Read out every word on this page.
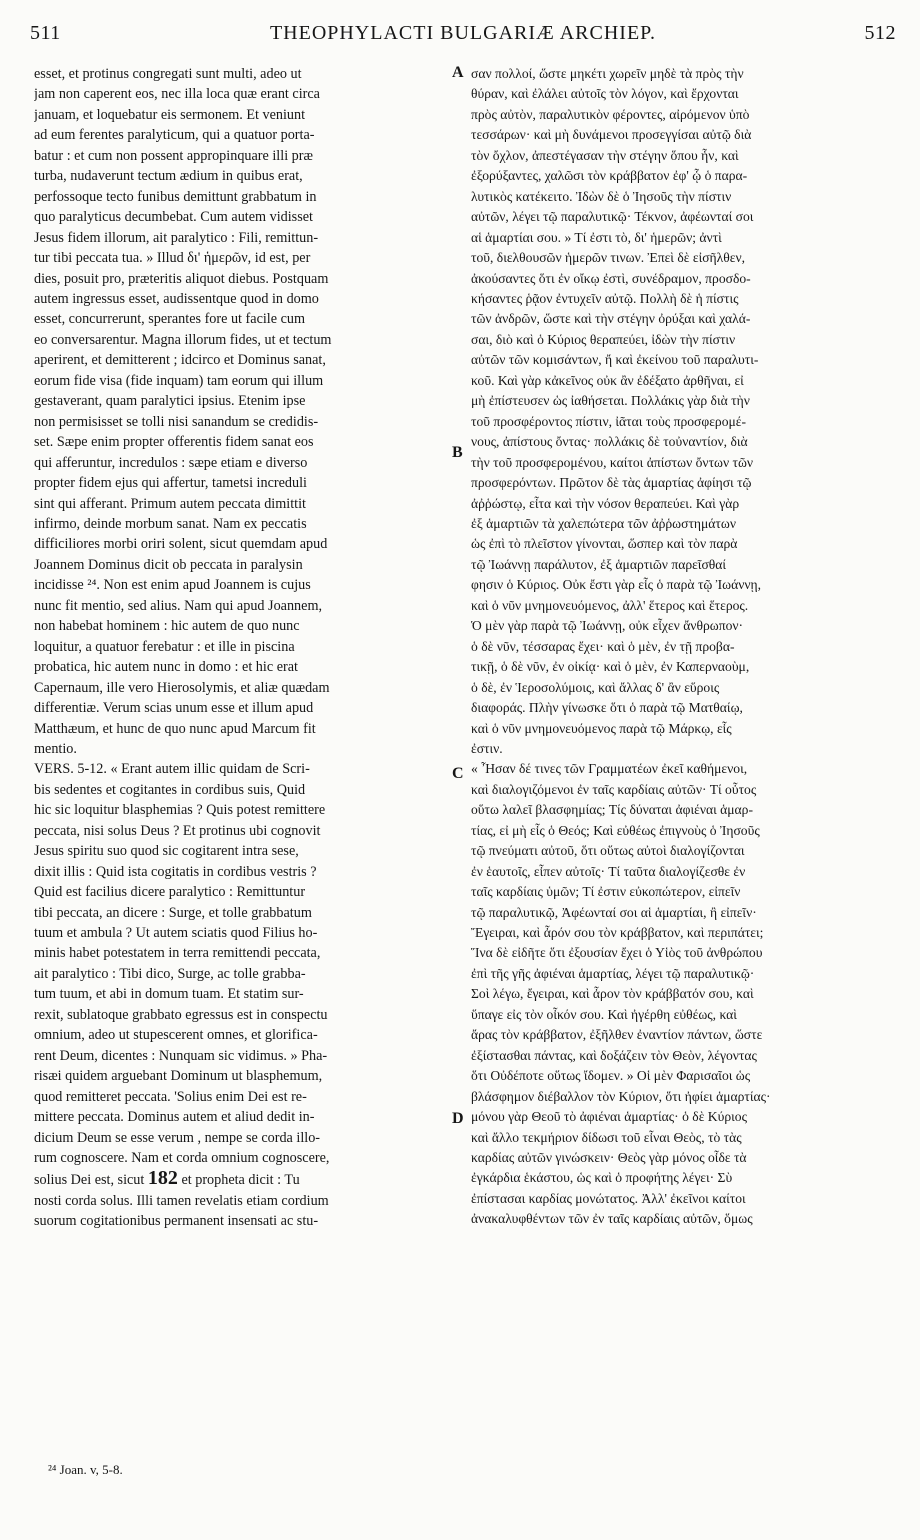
511	THEOPHYLACTI BULGARIÆ ARCHIEP.	512
esset, et protinus congregati sunt multi, adeo ut
jam non caperent eos, nec illa loca quæ erant circa
januam, et loquebatur eis sermonem. Et veniunt
ad eum ferentes paralyticum, qui a quatuor porta-
batur : et cum non possent appropinquare illi præ
turba, nudaverunt tectum ædium in quibus erat,
perfossoque tecto funibus demittunt grabbatum in
quo paralyticus decumbebat. Cum autem vidisset
Jesus fidem illorum, ait paralytico : Fili, remittun-
tur tibi peccata tua. » Illud δι' ἡμερῶν, id est, per
dies, posuit pro, præteritis aliquot diebus. Postquam
autem ingressus esset, audissentque quod in domo
esset, concurrerunt, sperantes fore ut facile cum
eo conversarentur. Magna illorum fides, ut et tectum
aperirent, et demitterent ; idcirco et Dominus sanat,
eorum fide visa (fide inquam) tam eorum qui illum
gestaverant, quam paralytici ipsius. Etenim ipse
non permisisset se tolli nisi sanandum se credidis-
set. Sæpe enim propter offerentis fidem sanat eos
qui afferuntur, incredulos : sæpe etiam e diverso
propter fidem ejus qui affertur, tametsi increduli
sint qui afferant. Primum autem peccata dimittit
infirmo, deinde morbum sanat. Nam ex peccatis
difficiliores morbi oriri solent, sicut quemdam apud
Joannem Dominus dicit ob peccata in paralysin
incidisse ²⁴. Non est enim apud Joannem is cujus
nunc fit mentio, sed alius. Nam qui apud Joannem,
non habebat hominem : hic autem de quo nunc
loquitur, a quatuor ferebatur : et ille in piscina
probatica, hic autem nunc in domo : et hic erat
Capernaum, ille vero Hierosolymis, et aliæ quædam
differentiæ. Verum scias unum esse et illum apud
Matthæum, et hunc de quo nunc apud Marcum fit
mentio.
VERS. 5-12. « Erant autem illic quidam de Scri-
bis sedentes et cogitantes in cordibus suis, Quid
hic sic loquitur blasphemias ? Quis potest remittere
peccata, nisi solus Deus ? Et protinus ubi cognovit
Jesus spiritu suo quod sic cogitarent intra sese,
dixit illis : Quid ista cogitatis in cordibus vestris ?
Quid est facilius dicere paralytico : Remittuntur
tibi peccata, an dicere : Surge, et tolle grabbatum
tuum et ambula ? Ut autem sciatis quod Filius ho-
minis habet potestatem in terra remittendi peccata,
ait paralytico : Tibi dico, Surge, ac tolle grabba-
tum tuum, et abi in domum tuam. Et statim sur-
rexit, sublatoque grabbato egressus est in conspectu
omnium, adeo ut stupescerent omnes, et glorifica-
rent Deum, dicentes : Nunquam sic vidimus. » Pha-
risæi quidem arguebant Dominum ut blasphemum,
quod remitteret peccata. 'Solius enim Dei est re-
mittere peccata. Dominus autem et aliud dedit in-
dicium Deum se esse verum , nempe se corda illo-
rum cognoscere. Nam et corda omnium cognoscere,
solius Dei est, sicut 182 et propheta dicit : Tu
nosti corda solus. Illi tamen revelatis etiam cordium
suorum cogitationibus permanent insensati ac stu-
σαν πολλοί, ὥστε μηκέτι χωρεῖν μηδὲ τὰ πρὸς τὴν
θύραν, καὶ ἐλάλει αὐτοῖς τὸν λόγον, καὶ ἔρχονται
πρὸς αὐτὸν, παραλυτικὸν φέροντες, αἰρόμενον ὑπὸ
τεσσάρων· καὶ μὴ δυνάμενοι προσεγγίσαι αὐτῷ διὰ
τὸν ὄχλον, ἀπεστέγασαν τὴν στέγην ὅπου ἦν, καὶ
ἐξορύξαντες, χαλῶσι τὸν κράββατον ἐφ' ᾧ ὁ παρα-
λυτικὸς κατέκειτο. Ἰδὼν δὲ ὁ Ἰησοῦς τὴν πίστιν
αὐτῶν, λέγει τῷ παραλυτικῷ· Τέκνον, ἀφέωνταί σοι
αἱ ἁμαρτίαι σου. » Τί ἐστι τὸ, δι' ἡμερῶν; ἀντὶ
τοῦ, διελθουσῶν ἡμερῶν τινων. Ἐπεὶ δὲ εἰσῆλθεν,
ἀκούσαντες ὅτι ἐν οἴκῳ ἐστὶ, συνέδραμον, προσδο-
κήσαντες ῥᾷον ἐντυχεῖν αὐτῷ. Πολλὴ δὲ ἡ πίστις
τῶν ἀνδρῶν, ὥστε καὶ τὴν στέγην ὀρύξαι καὶ χαλά-
σαι, διὸ καὶ ὁ Κύριος θεραπεύει, ἰδὼν τὴν πίστιν
αὐτῶν τῶν κομισάντων, ἤ καὶ ἐκείνου τοῦ παραλυτι-
κοῦ. Καὶ γὰρ κἀκεῖνος οὐκ ἂν ἐδέξατο ἀρθῆναι, εἰ
μὴ ἐπίστευσεν ὡς ἰαθήσεται. Πολλάκις γὰρ διὰ τὴν
τοῦ προσφέροντος πίστιν, ἰᾶται τοὺς προσφερομέ-
νους, ἀπίστους ὄντας· πολλάκις δὲ τοὐναντίον, διὰ
τὴν τοῦ προσφερομένου, καίτοι ἀπίστων ὄντων τῶν
προσφερόντων. Πρῶτον δὲ τὰς ἁμαρτίας ἀφίησι τῷ
ἀῤῥώστῳ, εἶτα καὶ τὴν νόσον θεραπεύει. Καὶ γὰρ
ἐξ ἁμαρτιῶν τὰ χαλεπώτερα τῶν ἀῤῥωστημάτων
ὡς ἐπὶ τὸ πλεῖστον γίνονται, ὥσπερ καὶ τὸν παρὰ
τῷ Ἰωάννῃ παράλυτον, ἐξ ἁμαρτιῶν παρεῖσθαί
φησιν ὁ Κύριος. Οὐκ ἔστι γὰρ εἷς ὁ παρὰ τῷ Ἰωάννῃ,
καὶ ὁ νῦν μνημονευόμενος, ἀλλ' ἕτερος καὶ ἕτερος.
Ὁ μὲν γὰρ παρὰ τῷ Ἰωάννῃ, οὐκ εἶχεν ἄνθρωπον·
ὁ δὲ νῦν, τέσσαρας ἔχει· καὶ ὁ μὲν, ἐν τῇ προβα-
τικῇ, ὁ δὲ νῦν, ἐν οἰκίᾳ· καὶ ὁ μὲν, ἐν Καπερναοὺμ,
ὁ δὲ, ἐν Ἱεροσολύμοις, καὶ ἄλλας δ' ἂν εὕροις
διαφοράς. Πλὴν γίνωσκε ὅτι ὁ παρὰ τῷ Ματθαίῳ,
καὶ ὁ νῦν μνημονευόμενος παρὰ τῷ Μάρκῳ, εἷς
ἐστιν.
« Ἦσαν δέ τινες τῶν Γραμματέων ἐκεῖ καθήμενοι,
καὶ διαλογιζόμενοι ἐν ταῖς καρδίαις αὐτῶν· Τί οὗτος
οὕτω λαλεῖ βλασφημίας; Τίς δύναται ἀφιέναι ἁμαρ-
τίας, εἰ μὴ εἷς ὁ Θεός; Καὶ εὐθέως ἐπιγνοὺς ὁ Ἰησοῦς
τῷ πνεύματι αὐτοῦ, ὅτι οὕτως αὐτοὶ διαλογίζονται
ἐν ἑαυτοῖς, εἶπεν αὐτοῖς· Τί ταῦτα διαλογίζεσθε ἐν
ταῖς καρδίαις ὑμῶν; Τί ἐστιν εὐκοπώτερον, εἰπεῖν
τῷ παραλυτικῷ, Ἀφέωνταί σοι αἱ ἁμαρτίαι, ἢ εἰπεῖν·
Ἔγειραι, καὶ ἆρόν σου τὸν κράββατον, καὶ περιπάτει;
Ἵνα δὲ εἰδῆτε ὅτι ἐξουσίαν ἔχει ὁ Υἱὸς τοῦ ἀνθρώπου
ἐπὶ τῆς γῆς ἀφιέναι ἁμαρτίας, λέγει τῷ παραλυτικῷ·
Σοὶ λέγω, ἔγειραι, καὶ ἆρον τὸν κράββατόν σου, καὶ
ὕπαγε εἰς τὸν οἶκόν σου. Καὶ ἠγέρθη εὐθέως, καὶ
ἄρας τὸν κράββατον, ἐξῆλθεν ἐναντίον πάντων, ὥστε
ἐξίστασθαι πάντας, καὶ δοξάζειν τὸν Θεὸν, λέγοντας
ὅτι Οὐδέποτε οὕτως ἴδομεν. » Οἱ μὲν Φαρισαῖοι ὡς
βλάσφημον διέβαλλον τὸν Κύριον, ὅτι ἠφίει ἁμαρτίας·
μόνου γὰρ Θεοῦ τὸ ἀφιέναι ἁμαρτίας· ὁ δὲ Κύριος
καὶ ἄλλο τεκμήριον δίδωσι τοῦ εἶναι Θεὸς, τὸ τὰς
καρδίας αὐτῶν γινώσκειν· Θεὸς γὰρ μόνος οἶδε τὰ
ἐγκάρδια ἑκάστου, ὡς καὶ ὁ προφήτης λέγει· Σὺ
ἐπίστασαι καρδίας μονώτατος. Ἀλλ' ἐκεῖνοι καίτοι
ἀνακαλυφθέντων τῶν ἐν ταῖς καρδίαις αὐτῶν, ὅμως
A
B
C
D
²⁴ Joan. v, 5-8.
